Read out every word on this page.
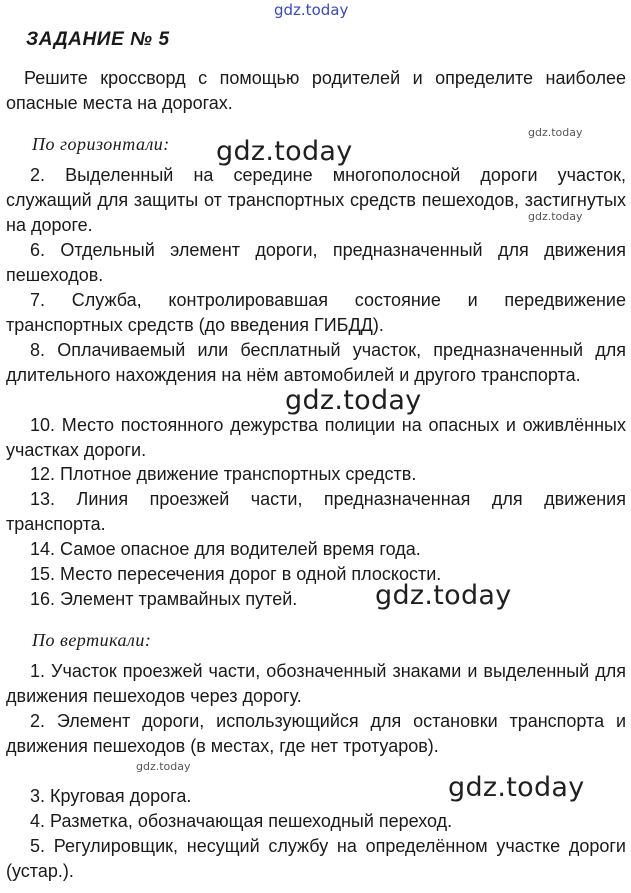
gdz.today
ЗАДАНИЕ № 5
Решите кроссворд с помощью родителей и определите наиболее опасные места на дорогах.
По горизонтали:
2. Выделенный на середине многополосной дороги участок, служащий для защиты от транспортных средств пешеходов, застигнутых на дороге.
6. Отдельный элемент дороги, предназначенный для движения пешеходов.
7. Служба, контролировавшая состояние и передвижение транспортных средств (до введения ГИБДД).
8. Оплачиваемый или бесплатный участок, предназначенный для длительного нахождения на нём автомобилей и другого транспорта.
10. Место постоянного дежурства полиции на опасных и оживлённых участках дороги.
12. Плотное движение транспортных средств.
13. Линия проезжей части, предназначенная для движения транспорта.
14. Самое опасное для водителей время года.
15. Место пересечения дорог в одной плоскости.
16. Элемент трамвайных путей.
По вертикали:
1. Участок проезжей части, обозначенный знаками и выделенный для движения пешеходов через дорогу.
2. Элемент дороги, использующийся для остановки транспорта и движения пешеходов (в местах, где нет тротуаров).
3. Круговая дорога.
4. Разметка, обозначающая пешеходный переход.
5. Регулировщик, несущий службу на определённом участке дороги (устар.).
gdz.today
gdz.today
gdz.today
gdz.today
gdz.today
gdz.today
gdz.today
